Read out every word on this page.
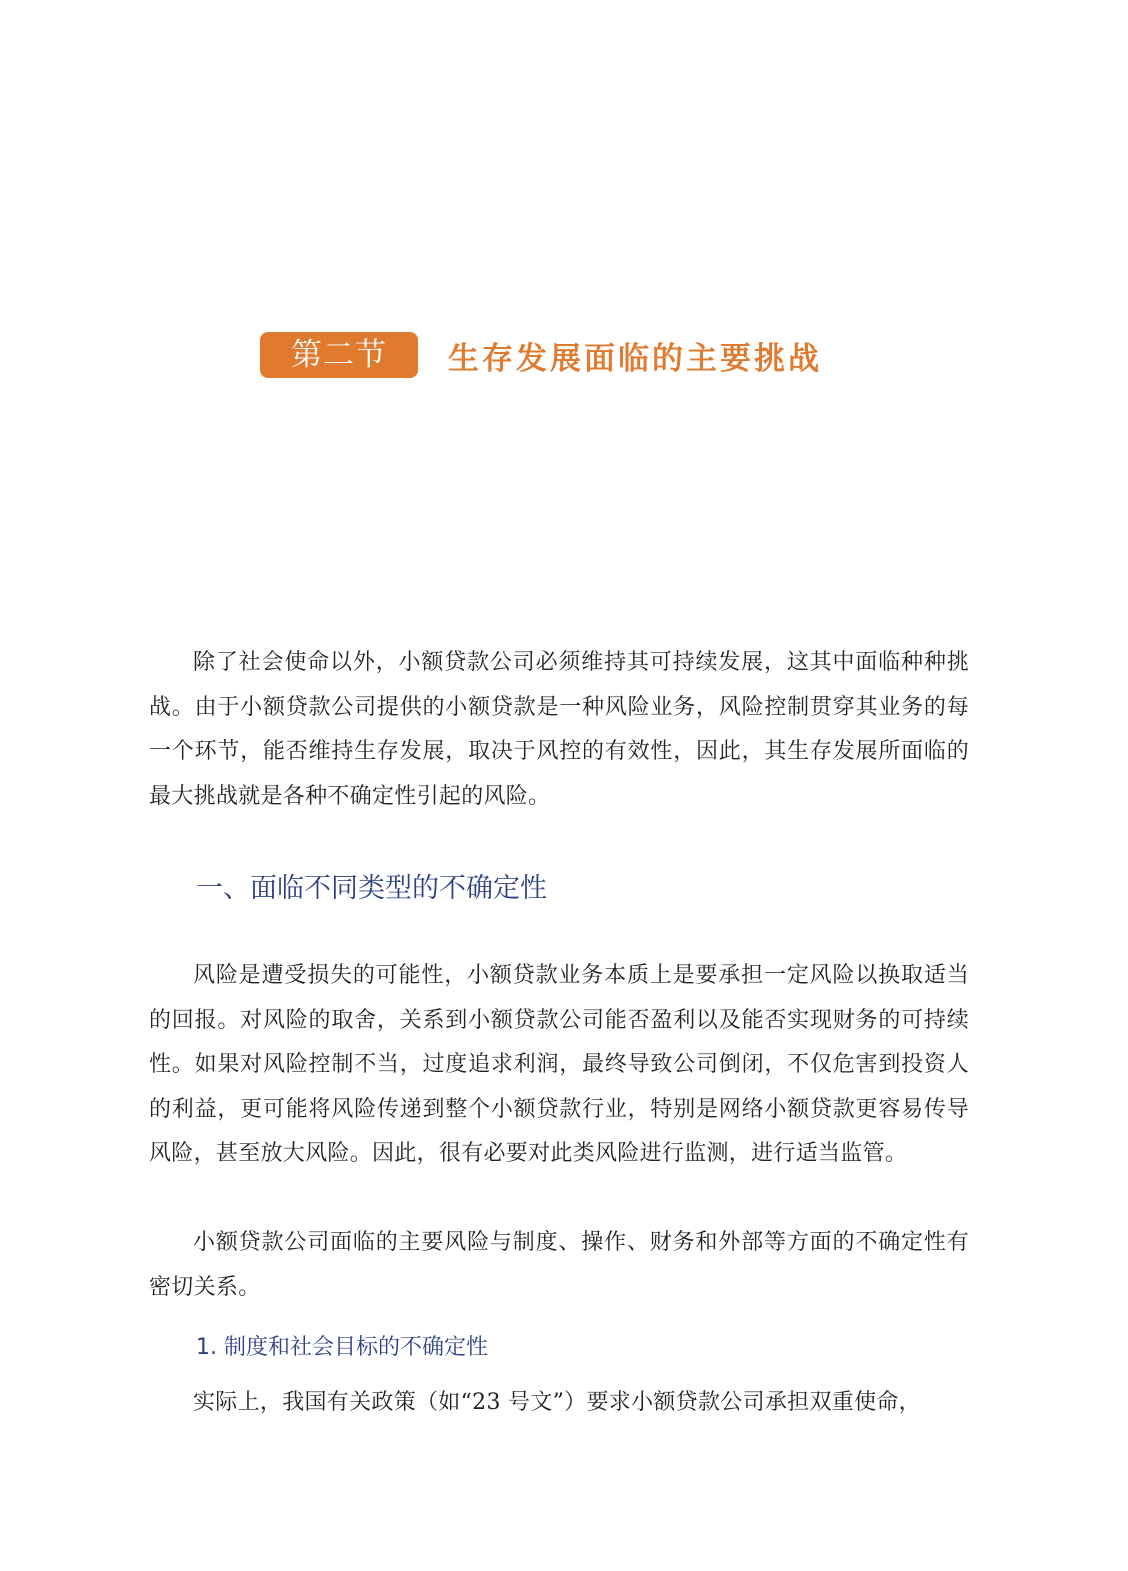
第二节	生存发展面临的主要挑战

除了社会使命以外，小额贷款公司必须维持其可持续发展，这其中面临种种挑战。由于小额贷款公司提供的小额贷款是一种风险业务，风险控制贯穿其业务的每一个环节，能否维持生存发展，取决于风控的有效性，因此，其生存发展所面临的最大挑战就是各种不确定性引起的风险。

一、面临不同类型的不确定性

风险是遭受损失的可能性，小额贷款业务本质上是要承担一定风险以换取适当的回报。对风险的取舍，关系到小额贷款公司能否盈利以及能否实现财务的可持续性。如果对风险控制不当，过度追求利润，最终导致公司倒闭，不仅危害到投资人的利益，更可能将风险传递到整个小额贷款行业，特别是网络小额贷款更容易传导风险，甚至放大风险。因此，很有必要对此类风险进行监测，进行适当监管。

小额贷款公司面临的主要风险与制度、操作、财务和外部等方面的不确定性有密切关系。

1. 制度和社会目标的不确定性

实际上，我国有关政策（如“23 号文”）要求小额贷款公司承担双重使命，
